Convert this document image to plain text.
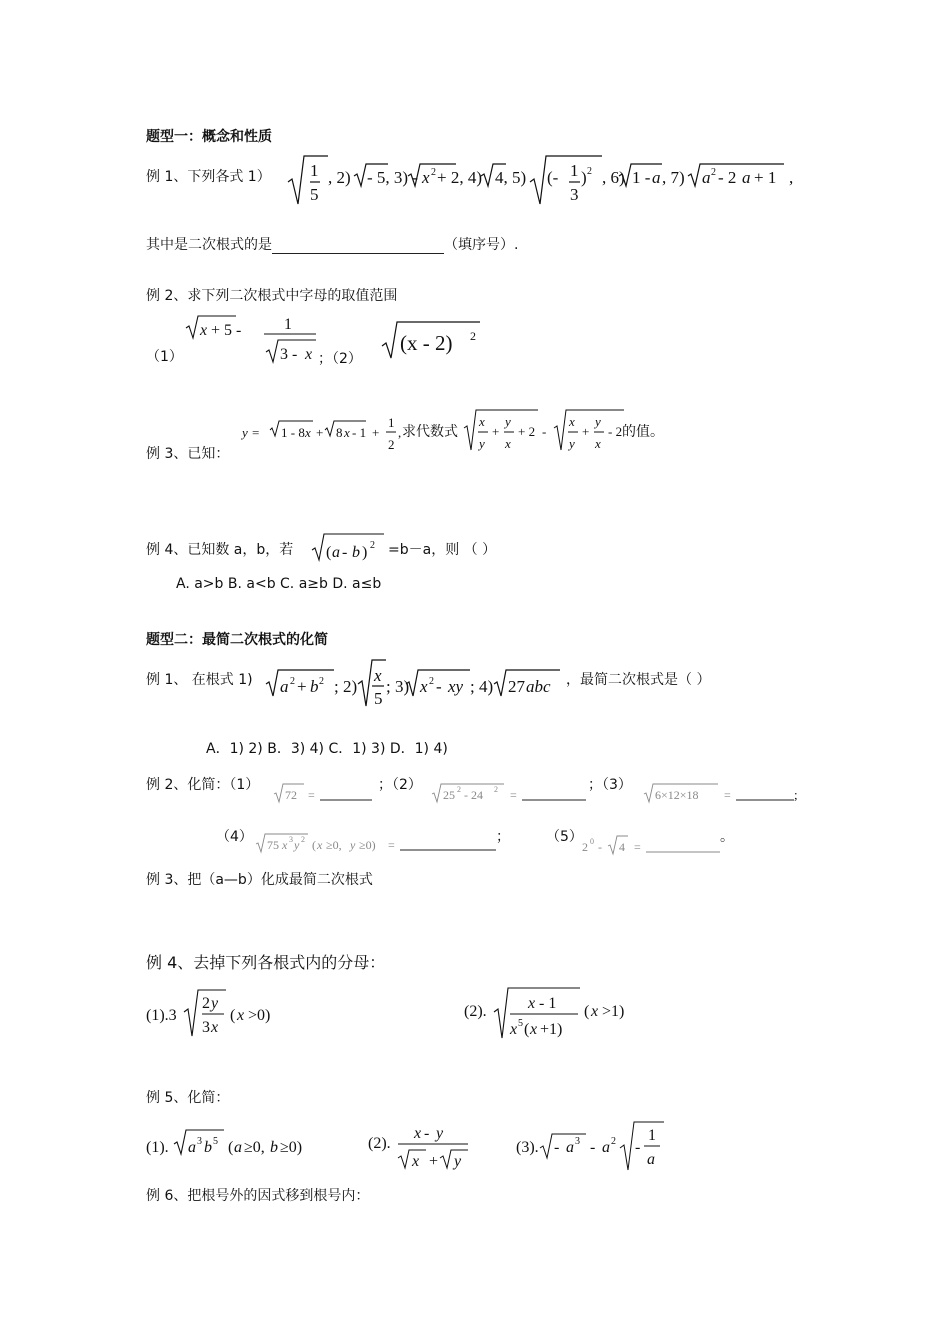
题型一：概念和性质
例 1、下列各式 1） 1
5
, 2) - 5, 3) - x 2 + 2, 4) 4, 5) (- 1
3
) 2 , 6) 1 - a , 7) a 2 - 2 a + 1 ,
其中是二次根式的是	（填序号）.
例 2、求下列二次根式中字母的取值范围
（1）
x + 5 -	1
3 - x ；（2）
(x - 2) 2
例 3、已知：
y = 1 - 8 x + 8 x - 1 +
1
2
, 求代数式
x
y
+
y
x
+ 2 -
x
y
+
y
x
- 2 的值。
例 4、已知数 a，b，若 ( a - b ) 2 =b－a，则 （ ）
A. a>b B. a<b C. a≥b D. a≤b
题型二：最简二次根式的化简
例 1、 在根式 1) a 2 + b 2 ; 2)
x
5
; 3) x 2 - xy ; 4) 27 abc ，最简二次根式是（ ）
A．1) 2) B．3) 4) C．1) 3) D．1) 4)
例 2、化简：（1）
72 =
；（2）
25 2 - 24 2 =
；（3）
6×12×18 =	;
（4） 75 x 3 y 2 ( x ≥0, y ≥0) =	；	（5）
2 0 - 4 =
。
例 3、把（a—b）化成最简二次根式
例 4、去掉下列各根式内的分母：
(1).3
2 y
3 x
( x >0)	(2).	x - 1
x 5 ( x +1)
( x >1)
例 5、化简：
(1). a 3 b 5 ( a ≥0, b ≥0)	(2).
x - y
x + y
(3). - a 3 - a 2 -
1
a
例 6、把根号外的因式移到根号内：
